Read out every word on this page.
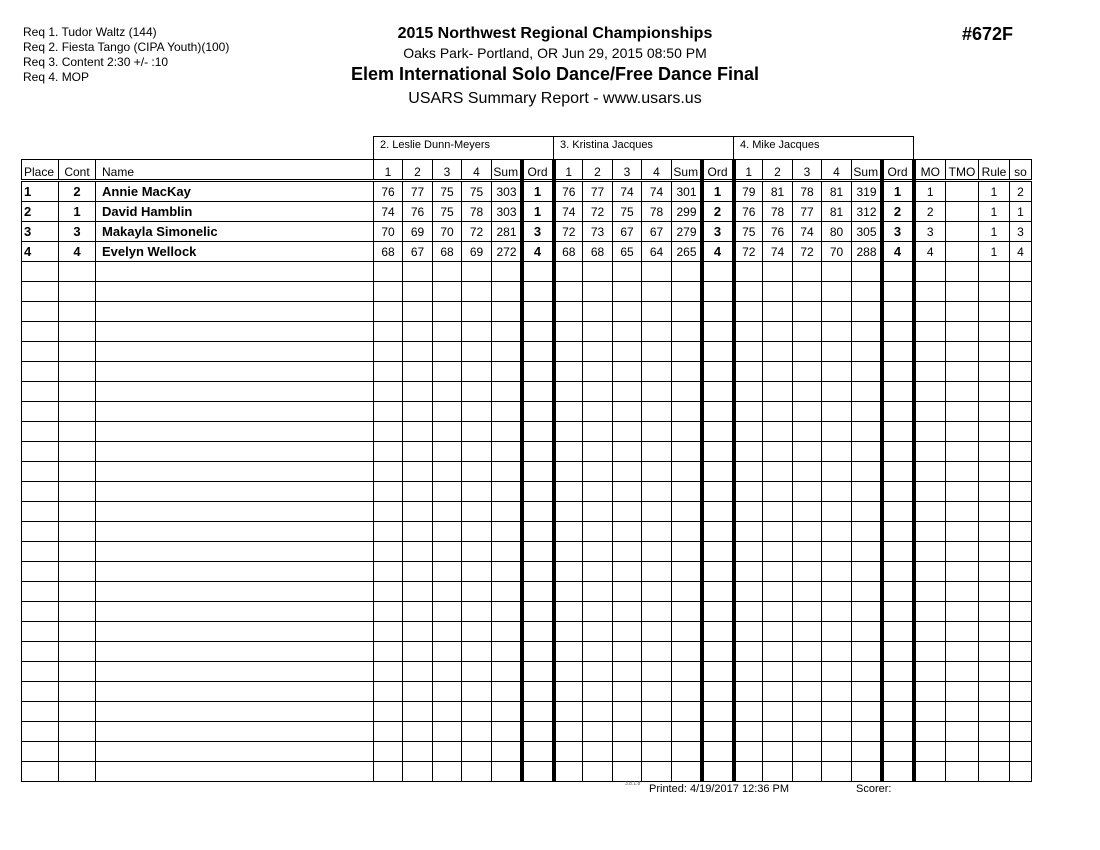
Req 1. Tudor Waltz (144)
Req 2. Fiesta Tango (CIPA Youth)(100)
Req 3. Content 2:30 +/- :10
Req 4. MOP
2015 Northwest Regional Championships
Oaks Park- Portland, OR Jun 29, 2015 08:50 PM
Elem International Solo Dance/Free Dance Final
USARS Summary Report - www.usars.us
#672F
			2. Leslie Dunn-Meyers						3. Kristina Jacques						4. Mike Jacques									
Place	Cont	Name	1	2	3	4	Sum	Ord	1	2	3	4	Sum	Ord	1	2	3	4	Sum	Ord	MO	TMO	Rule	so
1	2	Annie MacKay	76	77	75	75	303	1	76	77	74	74	301	1	79	81	78	81	319	1	1		1	2
2	1	David Hamblin	74	76	75	78	303	1	74	72	75	78	299	2	76	78	77	81	312	2	2		1	1
3	3	Makayla Simonelic	70	69	70	72	281	3	72	73	67	67	279	3	75	76	74	80	305	3	3		1	3
4	4	Evelyn Wellock	68	67	68	69	272	4	68	68	65	64	265	4	72	74	72	70	288	4	4		1	4

3.8.1.8 Printed: 4/19/2017 12:36 PM	Scorer:
